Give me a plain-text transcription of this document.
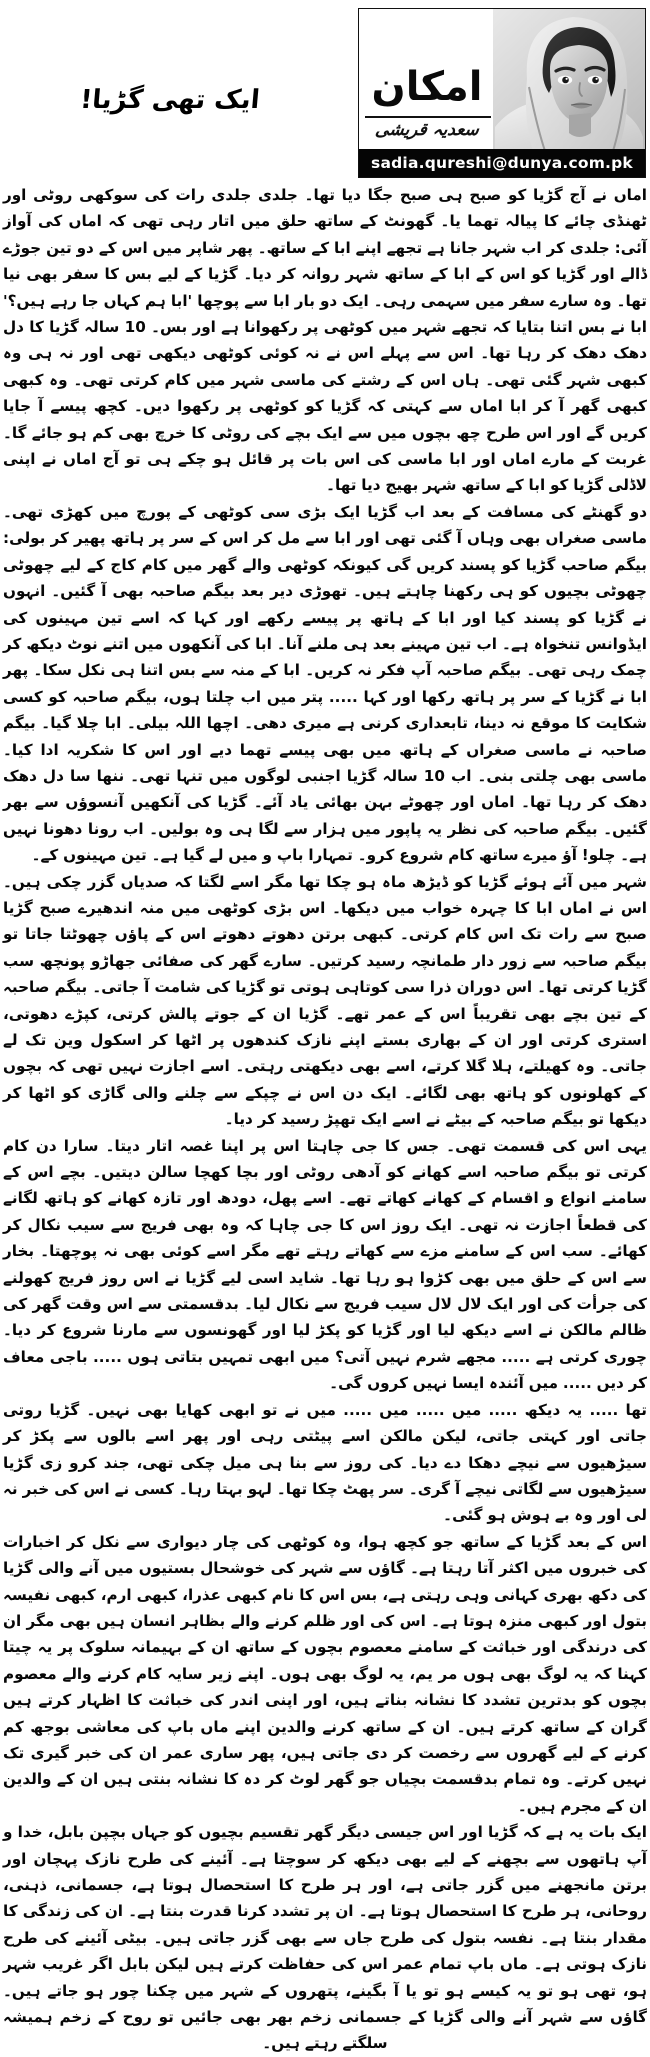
ایک تھی گڑیا!	امکان
سعدیہ قریشی
sadia.qureshi@dunya.com.pk

اماں نے آج گڑیا کو صبح ہی صبح جگا دیا تھا۔ جلدی جلدی رات کی سوکھی روٹی اور ٹھنڈی چائے کا پیالہ تھما یا۔ گھونٹ کے ساتھ حلق میں اتار رہی تھی کہ اماں کی آواز آئی: جلدی کر اب شہر جانا ہے تجھے اپنے ابا کے ساتھ۔ پھر شاپر میں اس کے دو تین جوڑے ڈالے اور گڑیا کو اس کے ابا کے ساتھ شہر روانہ کر دیا۔ گڑیا کے لیے بس کا سفر بھی نیا تھا۔ وہ سارے سفر میں سہمی رہی۔ ایک دو بار ابا سے پوچھا 'ابا ہم کہاں جا رہے ہیں؟' ابا نے بس اتنا بتایا کہ تجھے شہر میں کوٹھی پر رکھوانا ہے اور بس۔ 10 سالہ گڑیا کا دل دھک دھک کر رہا تھا۔ اس سے پہلے اس نے نہ کوئی کوٹھی دیکھی تھی اور نہ ہی وہ کبھی شہر گئی تھی۔ ہاں اس کے رشتے کی ماسی شہر میں کام کرتی تھی۔ وہ کبھی کبھی گھر آ کر ابا اماں سے کہتی کہ گڑیا کو کوٹھی پر رکھوا دیں۔ کچھ پیسے آ جایا کریں گے اور اس طرح چھ بچوں میں سے ایک بچے کی روٹی کا خرچ بھی کم ہو جائے گا۔ غربت کے مارے اماں اور ابا ماسی کی اس بات پر قائل ہو چکے ہی تو آج اماں نے اپنی لاڈلی گڑیا کو ابا کے ساتھ شہر بھیج دیا تھا۔

دو گھنٹے کی مسافت کے بعد اب گڑیا ایک بڑی سی کوٹھی کے پورچ میں کھڑی تھی۔ ماسی صغراں بھی وہاں آ گئی تھی اور ابا سے مل کر اس کے سر پر ہاتھ پھیر کر بولی: بیگم صاحب گڑیا کو پسند کریں گی کیونکہ کوٹھی والے گھر میں کام کاج کے لیے چھوٹی چھوٹی بچیوں کو ہی رکھنا چاہتے ہیں۔ تھوڑی دیر بعد بیگم صاحبہ بھی آ گئیں۔ انہوں نے گڑیا کو پسند کیا اور ابا کے ہاتھ پر پیسے رکھے اور کہا کہ اسے تین مہینوں کی ایڈوانس تنخواہ ہے۔ اب تین مہینے بعد ہی ملنے آنا۔ ابا کی آنکھوں میں اتنے نوٹ دیکھ کر چمک رہی تھی۔ بیگم صاحبہ آپ فکر نہ کریں۔ ابا کے منہ سے بس اتنا ہی نکل سکا۔ پھر ابا نے گڑیا کے سر پر ہاتھ رکھا اور کہا ..... پتر میں اب چلتا ہوں، بیگم صاحبہ کو کسی شکایت کا موقع نہ دینا، تابعداری کرنی ہے میری دھی۔ اچھا اللہ بیلی۔ ابا چلا گیا۔ بیگم صاحبہ نے ماسی صغراں کے ہاتھ میں بھی پیسے تھما دیے اور اس کا شکریہ ادا کیا۔ ماسی بھی چلتی بنی۔ اب 10 سالہ گڑیا اجنبی لوگوں میں تنہا تھی۔ ننھا سا دل دھک دھک کر رہا تھا۔ اماں اور چھوٹے بہن بھائی یاد آئے۔ گڑیا کی آنکھیں آنسوؤں سے بھر گئیں۔ بیگم صاحبہ کی نظر یہ پاپور میں ہزار سے لگا ہی وہ بولیں۔ اب رونا دھونا نہیں ہے۔ چلو! آؤ میرے ساتھ کام شروع کرو۔ تمہارا باپ و میں لے گیا ہے۔ تین مہینوں کے۔

شہر میں آئے ہوئے گڑیا کو ڈیڑھ ماہ ہو چکا تھا مگر اسے لگتا کہ صدیاں گزر چکی ہیں۔ اس نے اماں ابا کا چہرہ خواب میں دیکھا۔ اس بڑی کوٹھی میں منہ اندھیرے صبح گڑیا صبح سے رات تک اس کام کرتی۔ کبھی برتن دھوتے دھوتے اس کے پاؤں چھوٹتا جاتا تو بیگم صاحبہ سے زور دار طمانچہ رسید کرتیں۔ سارے گھر کی صفائی جھاڑو پونچھ سب گڑیا کرتی تھا۔ اس دوران ذرا سی کوتاہی ہوتی تو گڑیا کی شامت آ جاتی۔ بیگم صاحبہ کے تین بچے بھی تقریباً اس کے عمر تھے۔ گڑیا ان کے جوتے پالش کرتی، کپڑے دھوتی، استری کرتی اور ان کے بھاری بستے اپنے نازک کندھوں پر اٹھا کر اسکول وین تک لے جاتی۔ وہ کھیلتے، ہلا گلا کرتے، اسے بھی دیکھتی رہتی۔ اسے اجازت نہیں تھی کہ بچوں کے کھلونوں کو ہاتھ بھی لگائے۔ ایک دن اس نے چپکے سے چلنے والی گاڑی کو اٹھا کر دیکھا تو بیگم صاحبہ کے بیٹے نے اسے ایک تھپڑ رسید کر دیا۔

یہی اس کی قسمت تھی۔ جس کا جی چاہتا اس پر اپنا غصہ اتار دیتا۔ سارا دن کام کرتی تو بیگم صاحبہ اسے کھانے کو آدھی روٹی اور بچا کھچا سالن دیتیں۔ بچے اس کے سامنے انواع و اقسام کے کھانے کھاتے تھے۔ اسے پھل، دودھ اور تازہ کھانے کو ہاتھ لگانے کی قطعاً اجازت نہ تھی۔ ایک روز اس کا جی چاہا کہ وہ بھی فریج سے سیب نکال کر کھائے۔ سب اس کے سامنے مزے سے کھاتے رہتے تھے مگر اسے کوئی بھی نہ پوچھتا۔ بخار سے اس کے حلق میں بھی کڑوا ہو رہا تھا۔ شاید اسی لیے گڑیا نے اس روز فریج کھولنے کی جرأت کی اور ایک لال لال سیب فریج سے نکال لیا۔ بدقسمتی سے اس وقت گھر کی ظالم مالکن نے اسے دیکھ لیا اور گڑیا کو پکڑ لیا اور گھونسوں سے مارنا شروع کر دیا۔ چوری کرتی ہے ..... مجھے شرم نہیں آتی؟ میں ابھی تمہیں بتاتی ہوں ..... باجی معاف کر دیں ..... میں آئندہ ایسا نہیں کروں گی۔

تھا ..... یہ دیکھ ..... میں ..... میں ..... میں نے تو ابھی کھایا بھی نہیں۔ گڑیا روتی جاتی اور کہتی جاتی، لیکن مالکن اسے پیٹتی رہی اور پھر اسے بالوں سے پکڑ کر سیڑھیوں سے نیچے دھکا دے دیا۔ کی روز سے بنا ہی میل چکی تھی، جند کرو زی گڑیا سیڑھیوں سے لگاتی نیچے آ گری۔ سر پھٹ چکا تھا۔ لہو بہتا رہا۔ کسی نے اس کی خبر نہ لی اور وہ بے ہوش ہو گئی۔

اس کے بعد گڑیا کے ساتھ جو کچھ ہوا، وہ کوٹھی کی چار دیواری سے نکل کر اخبارات کی خبروں میں اکثر آتا رہتا ہے۔ گاؤں سے شہر کی خوشحال بستیوں میں آنے والی گڑیا کی دکھ بھری کہانی وہی رہتی ہے، بس اس کا نام کبھی عذرا، کبھی ارم، کبھی نفیسہ بتول اور کبھی منزہ ہوتا ہے۔ اس کی اور ظلم کرنے والے بظاہر انسان ہیں بھی مگر ان کی درندگی اور خباثت کے سامنے معصوم بچوں کے ساتھ ان کے بہیمانہ سلوک پر یہ چیتا کہنا کہ یہ لوگ بھی ہوں مر یم، یہ لوگ بھی ہوں۔ اپنے زیر سایہ کام کرنے والے معصوم بچوں کو بدترین تشدد کا نشانہ بناتے ہیں، اور اپنی اندر کی خباثت کا اظہار کرتے ہیں گران کے ساتھ کرتے ہیں۔ ان کے ساتھ کرنے والدین اپنے ماں باپ کی معاشی بوجھ کم کرنے کے لیے گھروں سے رخصت کر دی جاتی ہیں، پھر ساری عمر ان کی خبر گیری تک نہیں کرتے۔ وہ تمام بدقسمت بچیاں جو گھر لوٹ کر دہ کا نشانہ بنتی ہیں ان کے والدین ان کے مجرم ہیں۔

ایک بات یہ ہے کہ گڑیا اور اس جیسی دیگر گھر تقسیم بچیوں کو جہاں بچپن بابل، خدا و آپ ہاتھوں سے بچھنے کے لیے بھی دیکھ کر سوچتا ہے۔ آئینے کی طرح نازک پہچان اور برتن مانجھنے میں گزر جاتی ہے، اور ہر طرح کا استحصال ہوتا ہے، جسمانی، ذہنی، روحانی، ہر طرح کا استحصال ہوتا ہے۔ ان پر تشدد کرنا قدرت بنتا ہے۔ ان کی زندگی کا مقدار بنتا ہے۔ نفسہ بتول کی طرح جاں سے بھی گزر جاتی ہیں۔ بیٹی آئینے کی طرح نازک ہوتی ہے۔ ماں باپ تمام عمر اس کی حفاظت کرتے ہیں لیکن بابل اگر غریب شہر ہو، تھی ہو تو یہ کیسے ہو تو یا آ بگینے، پتھروں کے شہر میں چکنا چور ہو جاتے ہیں۔ گاؤں سے شہر آنے والی گڑیا کے جسمانی زخم بھر بھی جائیں تو روح کے زخم ہمیشہ سلگتے رہتے ہیں۔
